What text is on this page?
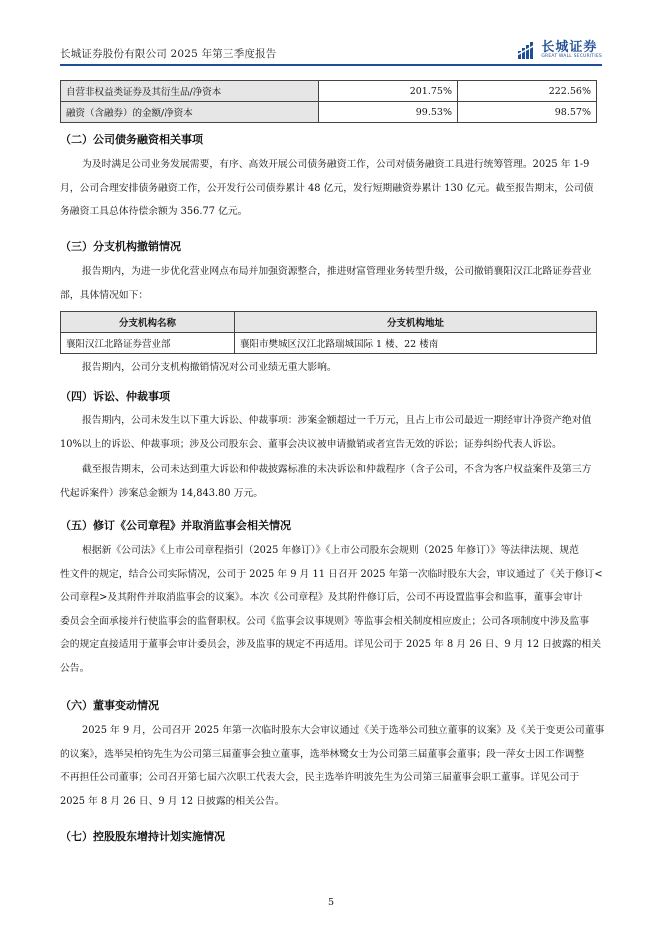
长城证券股份有限公司 2025 年第三季度报告	长城证券
GREAT WALL SECURITIES
自营非权益类证券及其衍生品/净资本	201.75%	222.56%
融资（含融券）的金额/净资本	99.53%	98.57%
（二）公司债务融资相关事项

为及时满足公司业务发展需要，有序、高效开展公司债务融资工作，公司对债务融资工具进行统筹管理。2025 年 1-9
月，公司合理安排债务融资工作，公开发行公司债券累计 48 亿元，发行短期融资券累计 130 亿元。截至报告期末，公司债
务融资工具总体待偿余额为 356.77 亿元。

（三）分支机构撤销情况

报告期内，为进一步优化营业网点布局并加强资源整合，推进财富管理业务转型升级，公司撤销襄阳汉江北路证券营业
部，具体情况如下：

分支机构名称	分支机构地址
襄阳汉江北路证券营业部	襄阳市樊城区汉江北路瑞城国际 1 楼、22 楼南

报告期内，公司分支机构撤销情况对公司业绩无重大影响。

（四）诉讼、仲裁事项

报告期内，公司未发生以下重大诉讼、仲裁事项：涉案金额超过一千万元，且占上市公司最近一期经审计净资产绝对值
10%以上的诉讼、仲裁事项；涉及公司股东会、董事会决议被申请撤销或者宣告无效的诉讼；证券纠纷代表人诉讼。

截至报告期末，公司未达到重大诉讼和仲裁披露标准的未决诉讼和仲裁程序（含子公司，不含为客户权益案件及第三方
代起诉案件）涉案总金额为 14,843.80 万元。

（五）修订《公司章程》并取消监事会相关情况

根据新《公司法》《上市公司章程指引（2025 年修订）》《上市公司股东会规则（2025 年修订）》等法律法规、规范
性文件的规定，结合公司实际情况，公司于 2025 年 9 月 11 日召开 2025 年第一次临时股东大会，审议通过了《关于修订<
公司章程>及其附件并取消监事会的议案》。本次《公司章程》及其附件修订后，公司不再设置监事会和监事，董事会审计
委员会全面承接并行使监事会的监督职权。公司《监事会议事规则》等监事会相关制度相应废止；公司各项制度中涉及监事
会的规定直接适用于董事会审计委员会，涉及监事的规定不再适用。详见公司于 2025 年 8 月 26 日、9 月 12 日披露的相关
公告。

（六）董事变动情况

2025 年 9 月，公司召开 2025 年第一次临时股东大会审议通过《关于选举公司独立董事的议案》及《关于变更公司董事
的议案》，选举吴柏钧先生为公司第三届董事会独立董事，选举林鹭女士为公司第三届董事会董事；段一萍女士因工作调整
不再担任公司董事；公司召开第七届六次职工代表大会，民主选举许明波先生为公司第三届董事会职工董事。详见公司于
2025 年 8 月 26 日、9 月 12 日披露的相关公告。

（七）控股股东增持计划实施情况
5
